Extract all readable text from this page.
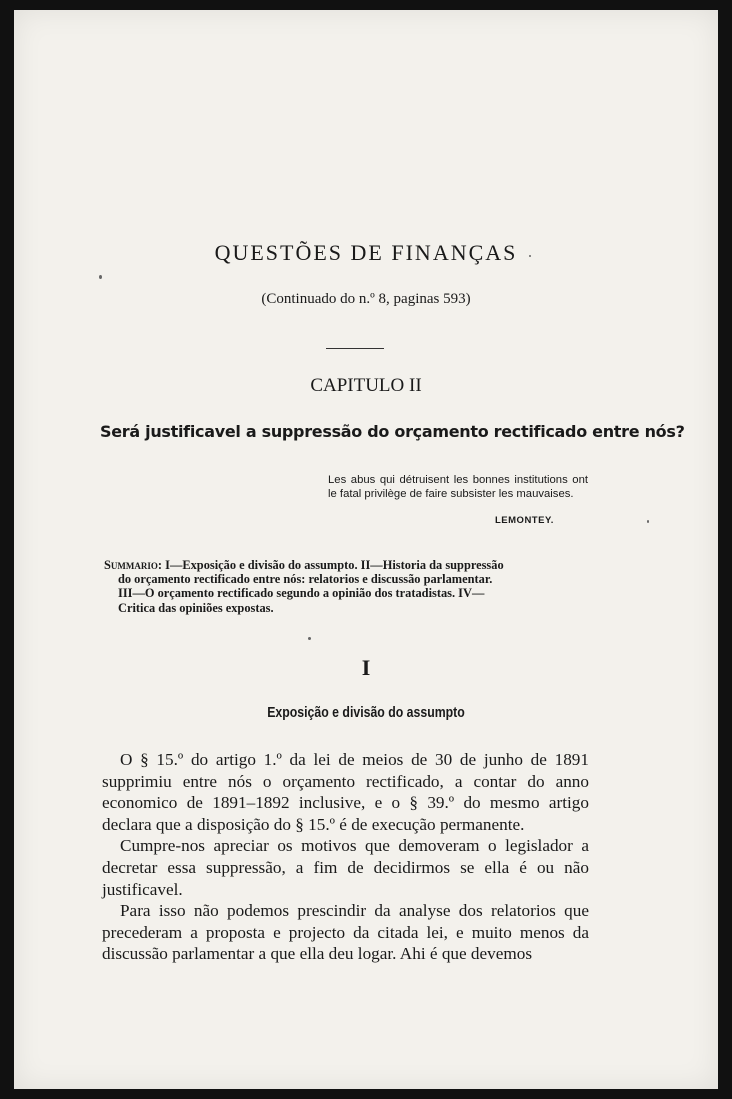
QUESTÕES DE FINANÇAS
(Continuado do n.º 8, paginas 593)
CAPITULO II
Será justificavel a suppressão do orçamento rectificado entre nós?
Les abus qui détruisent les bonnes institutions ont le fatal privilège de faire subsister les mauvaises.
LEMONTEY.
Summario: I—Exposição e divisão do assumpto. II—Historia da suppressão
do orçamento rectificado entre nós: relatorios e discussão parlamentar.
III—O orçamento rectificado segundo a opinião dos tratadistas. IV—
Critica das opiniões expostas.
I
Exposição e divisão do assumpto

O § 15.º do artigo 1.º da lei de meios de 30 de junho de 1891 supprimiu entre nós o orçamento rectificado, a contar do anno economico de 1891–1892 inclusive, e o § 39.º do mesmo artigo declara que a disposição do § 15.º é de execução permanente.

Cumpre-nos apreciar os motivos que demoveram o legislador a decretar essa suppressão, a fim de decidirmos se ella é ou não justificavel.

Para isso não podemos prescindir da analyse dos relatorios que precederam a proposta e projecto da citada lei, e muito menos da discussão parlamentar a que ella deu logar. Ahi é que devemos
